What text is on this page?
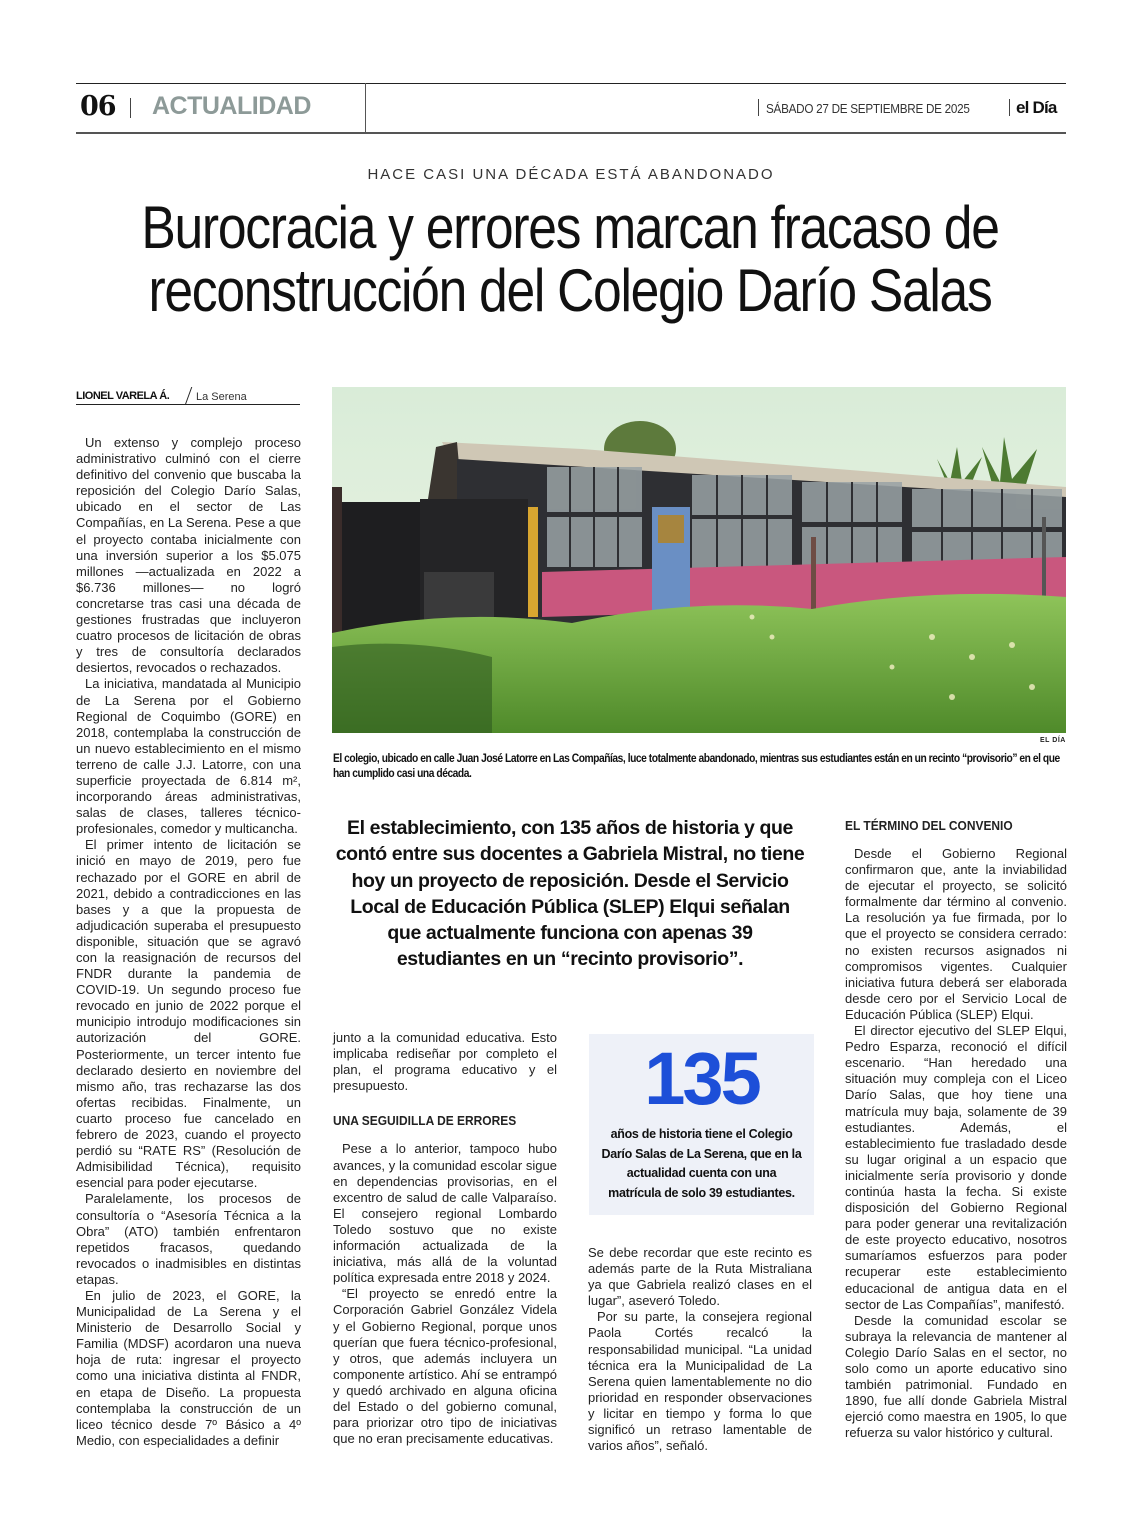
06 ACTUALIDAD	SÁBADO 27 DE SEPTIEMBRE DE 2025	el Día
HACE CASI UNA DÉCADA ESTÁ ABANDONADO
Burocracia y errores marcan fracaso de reconstrucción del Colegio Darío Salas
LIONEL VARELA Á. La Serena

Un extenso y complejo proceso administrativo culminó con el cierre definitivo del convenio que buscaba la reposición del Colegio Darío Salas, ubicado en el sector de Las Compañías, en La Serena. Pese a que el proyecto contaba inicialmente con una inversión superior a los $5.075 millones —actualizada en 2022 a $6.736 millones— no logró concretarse tras casi una década de gestiones frustradas que incluyeron cuatro procesos de licitación de obras y tres de consultoría declarados desiertos, revocados o rechazados.

La iniciativa, mandatada al Municipio de La Serena por el Gobierno Regional de Coquimbo (GORE) en 2018, contemplaba la construcción de un nuevo establecimiento en el mismo terreno de calle J.J. Latorre, con una superficie proyectada de 6.814 m², incorporando áreas administrativas, salas de clases, talleres técnico-profesionales, comedor y multicancha.

El primer intento de licitación se inició en mayo de 2019, pero fue rechazado por el GORE en abril de 2021, debido a contradicciones en las bases y a que la propuesta de adjudicación superaba el presupuesto disponible, situación que se agravó con la reasignación de recursos del FNDR durante la pandemia de COVID-19. Un segundo proceso fue revocado en junio de 2022 porque el municipio introdujo modificaciones sin autorización del GORE. Posteriormente, un tercer intento fue declarado desierto en noviembre del mismo año, tras rechazarse las dos ofertas recibidas. Finalmente, un cuarto proceso fue cancelado en febrero de 2023, cuando el proyecto perdió su “RATE RS” (Resolución de Admisibilidad Técnica), requisito esencial para poder ejecutarse.

Paralelamente, los procesos de consultoría o “Asesoría Técnica a la Obra” (ATO) también enfrentaron repetidos fracasos, quedando revocados o inadmisibles en distintas etapas.

En julio de 2023, el GORE, la Municipalidad de La Serena y el Ministerio de Desarrollo Social y Familia (MDSF) acordaron una nueva hoja de ruta: ingresar el proyecto como una iniciativa distinta al FNDR, en etapa de Diseño. La propuesta contemplaba la construcción de un liceo técnico desde 7º Básico a 4º Medio, con especialidades a definir

EL DÍA
El colegio, ubicado en calle Juan José Latorre en Las Compañías, luce totalmente abandonado, mientras sus estudiantes están en un recinto “provisorio” en el que han cumplido casi una década.
El establecimiento, con 135 años de historia y que contó entre sus docentes a Gabriela Mistral, no tiene hoy un proyecto de reposición. Desde el Servicio Local de Educación Pública (SLEP) Elqui señalan que actualmente funciona con apenas 39 estudiantes en un “recinto provisorio”.
EL TÉRMINO DEL CONVENIO

junto a la comunidad educativa. Esto implicaba rediseñar por completo el plan, el programa educativo y el presupuesto.

UNA SEGUIDILLA DE ERRORES

Pese a lo anterior, tampoco hubo avances, y la comunidad escolar sigue en dependencias provisorias, en el excentro de salud de calle Valparaíso. El consejero regional Lombardo Toledo sostuvo que no existe información actualizada de la iniciativa, más allá de la voluntad política expresada entre 2018 y 2024.

“El proyecto se enredó entre la Corporación Gabriel González Videla y el Gobierno Regional, porque unos querían que fuera técnico-profesional, y otros, que además incluyera un componente artístico. Ahí se entrampó y quedó archivado en alguna oficina del Estado o del gobierno comunal, para priorizar otro tipo de iniciativas que no eran precisamente educativas.

135
años de historia tiene el Colegio Darío Salas de La Serena, que en la actualidad cuenta con una matrícula de solo 39 estudiantes.

Se debe recordar que este recinto es además parte de la Ruta Mistraliana ya que Gabriela realizó clases en el lugar”, aseveró Toledo.

Por su parte, la consejera regional Paola Cortés recalcó la responsabilidad municipal. “La unidad técnica era la Municipalidad de La Serena quien lamentablemente no dio prioridad en responder observaciones y licitar en tiempo y forma lo que significó un retraso lamentable de varios años”, señaló.

Desde el Gobierno Regional confirmaron que, ante la inviabilidad de ejecutar el proyecto, se solicitó formalmente dar término al convenio. La resolución ya fue firmada, por lo que el proyecto se considera cerrado: no existen recursos asignados ni compromisos vigentes. Cualquier iniciativa futura deberá ser elaborada desde cero por el Servicio Local de Educación Pública (SLEP) Elqui.

El director ejecutivo del SLEP Elqui, Pedro Esparza, reconoció el difícil escenario. “Han heredado una situación muy compleja con el Liceo Darío Salas, que hoy tiene una matrícula muy baja, solamente de 39 estudiantes. Además, el establecimiento fue trasladado desde su lugar original a un espacio que inicialmente sería provisorio y donde continúa hasta la fecha. Si existe disposición del Gobierno Regional para poder generar una revitalización de este proyecto educativo, nosotros sumaríamos esfuerzos para poder recuperar este establecimiento educacional de antigua data en el sector de Las Compañías”, manifestó.

Desde la comunidad escolar se subraya la relevancia de mantener al Colegio Darío Salas en el sector, no solo como un aporte educativo sino también patrimonial. Fundado en 1890, fue allí donde Gabriela Mistral ejerció como maestra en 1905, lo que refuerza su valor histórico y cultural.
